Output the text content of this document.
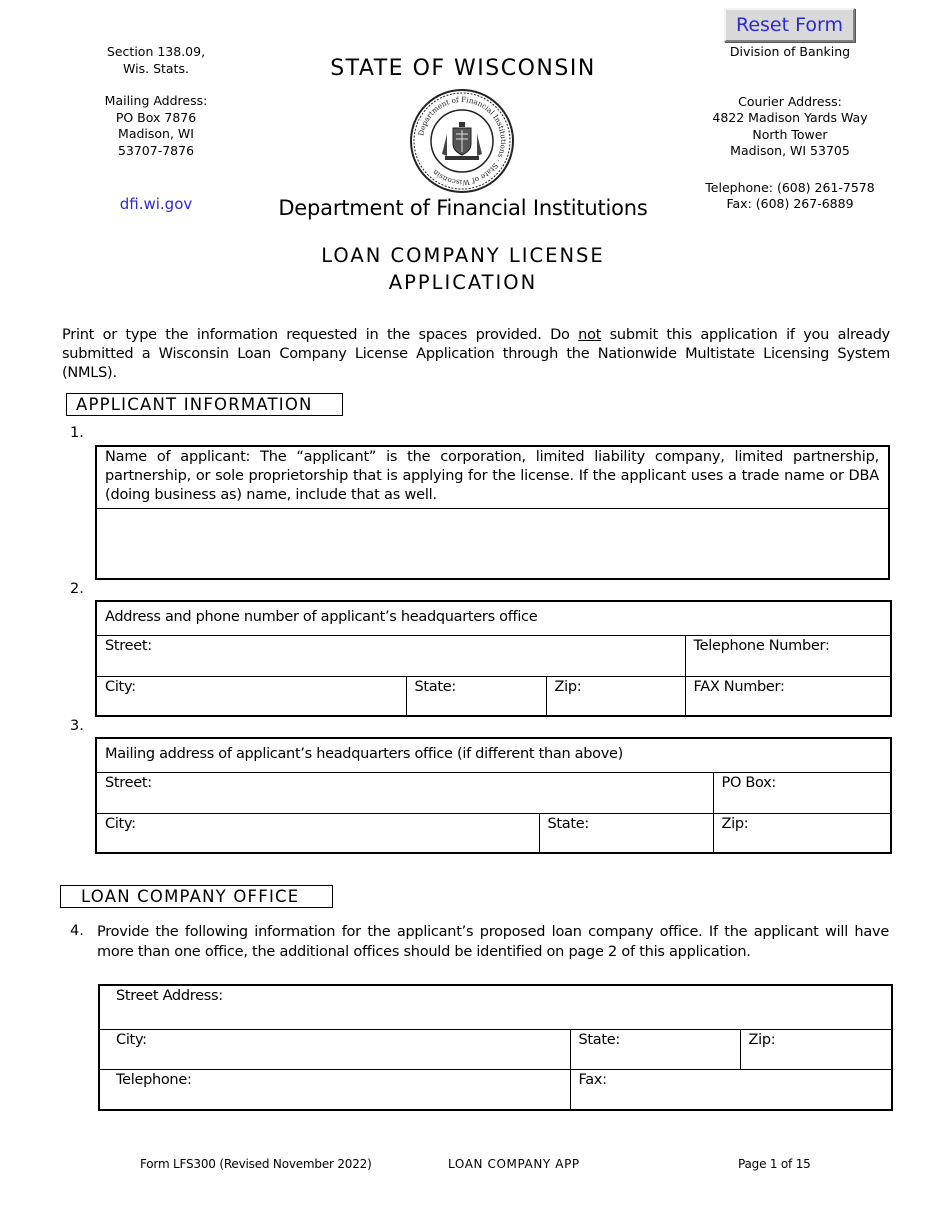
Reset Form
Section 138.09,
Wis. Stats.
Mailing Address:
PO Box 7876
Madison, WI
53707-7876
dfi.wi.gov
STATE OF WISCONSIN
Department of Financial Institutions · State of Wisconsin
Department of Financial Institutions
LOAN COMPANY LICENSE
APPLICATION
Division of Banking
Courier Address:
4822 Madison Yards Way
North Tower
Madison, WI 53705
Telephone: (608) 261-7578
Fax: (608) 267-6889
Print or type the information requested in the spaces provided. Do not submit this application if you already submitted a Wisconsin Loan Company License Application through the Nationwide Multistate Licensing System (NMLS).
APPLICANT INFORMATION
1.
Name of applicant: The “applicant” is the corporation, limited liability company, limited partnership, partnership, or sole proprietorship that is applying for the license. If the applicant uses a trade name or DBA (doing business as) name, include that as well.
2.
Address and phone number of applicant’s headquarters office			
Street:			Telephone Number:
City:	State:	Zip:	FAX Number:
3.
Mailing address of applicant’s headquarters office (if different than above)		
Street:		PO Box:
City:	State:	Zip:
LOAN COMPANY OFFICE
4. Provide the following information for the applicant’s proposed loan company office. If the applicant will have more than one office, the additional offices should be identified on page 2 of this application.
Street Address:		
City:	State:	Zip:
Telephone:	Fax:	
Form LFS300 (Revised November 2022)	LOAN COMPANY APP	Page 1 of 15
